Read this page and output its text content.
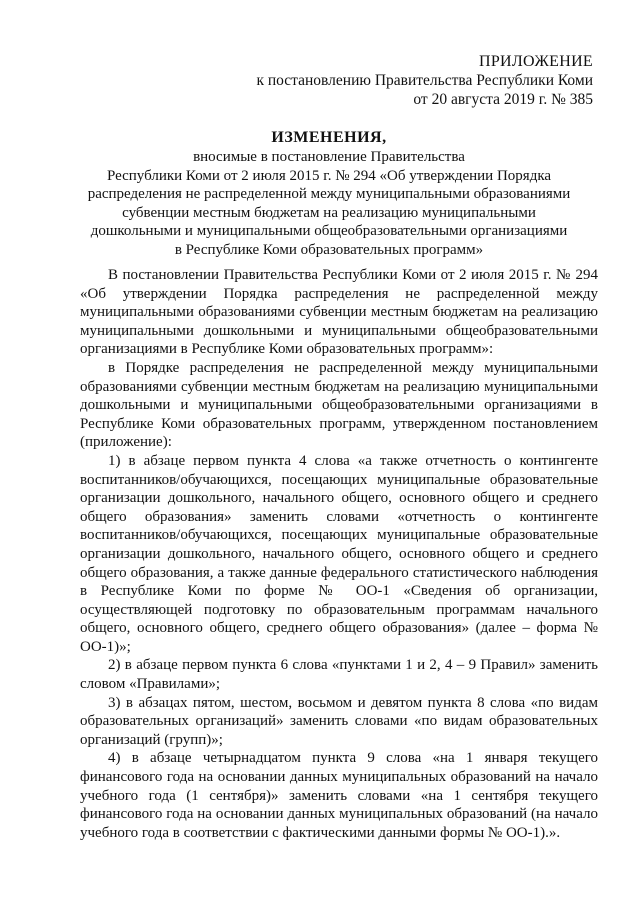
ПРИЛОЖЕНИЕ
к постановлению Правительства Республики Коми
от 20 августа 2019 г. № 385
ИЗМЕНЕНИЯ,
вносимые в постановление Правительства
Республики Коми от 2 июля 2015 г. № 294 «Об утверждении Порядка
распределения не распределенной между муниципальными образованиями
субвенции местным бюджетам на реализацию муниципальными
дошкольными и муниципальными общеобразовательными организациями
в Республике Коми образовательных программ»

В постановлении Правительства Республики Коми от 2 июля 2015 г. № 294 «Об утверждении Порядка распределения не распределенной между муниципальными образованиями субвенции местным бюджетам на реализацию муниципальными дошкольными и муниципальными общеобразовательными организациями в Республике Коми образовательных программ»:

в Порядке распределения не распределенной между муниципальными образованиями субвенции местным бюджетам на реализацию муниципальными дошкольными и муниципальными общеобразовательными организациями в Республике Коми образовательных программ, утвержденном постановлением (приложение):

1) в абзаце первом пункта 4 слова «а также отчетность о контингенте воспитанников/обучающихся, посещающих муниципальные образовательные организации дошкольного, начального общего, основного общего и среднего общего образования» заменить словами «отчетность о контингенте воспитанников/обучающихся, посещающих муниципальные образовательные организации дошкольного, начального общего, основного общего и среднего общего образования, а также данные федерального статистического наблюдения в Республике Коми по форме № ОО-1 «Сведения об организации, осуществляющей подготовку по образовательным программам начального общего, основного общего, среднего общего образования» (далее – форма № ОО-1)»;

2) в абзаце первом пункта 6 слова «пунктами 1 и 2, 4 – 9 Правил» заменить словом «Правилами»;

3) в абзацах пятом, шестом, восьмом и девятом пункта 8 слова «по видам образовательных организаций» заменить словами «по видам образовательных организаций (групп)»;

4) в абзаце четырнадцатом пункта 9 слова «на 1 января текущего финансового года на основании данных муниципальных образований на начало учебного года (1 сентября)» заменить словами «на 1 сентября текущего финансового года на основании данных муниципальных образований (на начало учебного года в соответствии с фактическими данными формы № ОО-1).».
